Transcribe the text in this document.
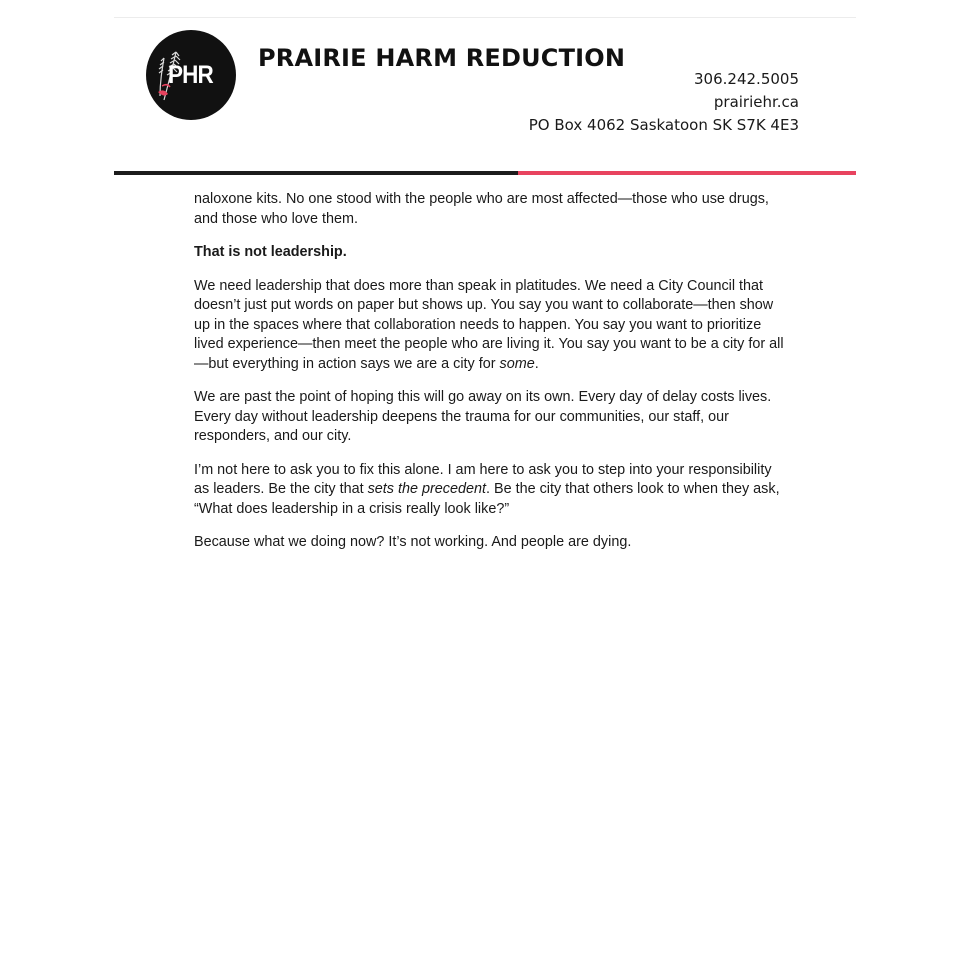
PHR
PRAIRIE HARM REDUCTION
306.242.5005
prairiehr.ca
PO Box 4062 Saskatoon SK S7K 4E3

naloxone kits. No one stood with the people who are most affected—those who use drugs, and those who love them.

That is not leadership.

We need leadership that does more than speak in platitudes. We need a City Council that doesn’t just put words on paper but shows up. You say you want to collaborate—then show up in the spaces where that collaboration needs to happen. You say you want to prioritize lived experience—then meet the people who are living it. You say you want to be a city for all—but everything in action says we are a city for some.

We are past the point of hoping this will go away on its own. Every day of delay costs lives. Every day without leadership deepens the trauma for our communities, our staff, our responders, and our city.

I’m not here to ask you to fix this alone. I am here to ask you to step into your responsibility as leaders. Be the city that sets the precedent. Be the city that others look to when they ask, “What does leadership in a crisis really look like?”

Because what we doing now? It’s not working. And people are dying.
